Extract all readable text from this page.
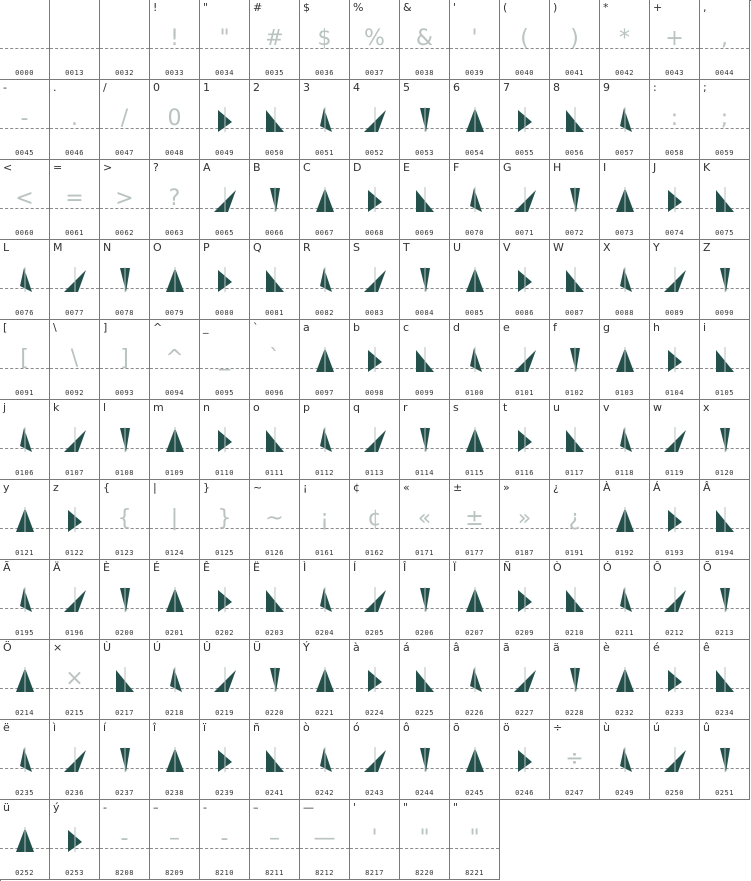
0000	0013	0032
!
!
0033
"
"
0034
#
#
0035
$
$
0036
%
%
0037
&
&
0038
'
'
0039
(
(
0040
)
)
0041
*
*
0042
+
+
0043
,
,
0044
-
-
0045
.
.
0046
/
/
0047
0
0
0048
1
0049
2
0050
3
0051
4
0052
5
0053
6
0054
7
0055
8
0056
9
0057
:
:
0058
;
;
0059
<
<
0060
=
=
0061
>
>
0062
?
?
0063
A
0065
B
0066
C
0067
D
0068
E
0069
F
0070
G
0071
H
0072
I
0073
J
0074
K
0075
L
0076
M
0077
N
0078
O
0079
P
0080
Q
0081
R
0082
S
0083
T
0084
U
0085
V
0086
W
0087
X
0088
Y
0089
Z
0090
[
[
0091
\
\
0092
]
]
0093
^
^
0094
_
_
0095
`
`
0096
a
0097
b
0098
c
0099
d
0100
e
0101
f
0102
g
0103
h
0104
i
0105
j
0106
k
0107
l
0108
m
0109
n
0110
o
0111
p
0112
q
0113
r
0114
s
0115
t
0116
u
0117
v
0118
w
0119
x
0120
y
0121
z
0122
{
{
0123
|
|
0124
}
}
0125
~
~
0126
¡
¡
0161
¢
¢
0162
«
«
0171
±
±
0177
»
»
0187
¿
¿
0191
À
0192
Á
0193
Â
0194
Ã
0195
Ä
0196
È
0200
É
0201
Ê
0202
Ë
0203
Ì
0204
Í
0205
Î
0206
Ï
0207
Ñ
0209
Ò
0210
Ó
0211
Ô
0212
Õ
0213
Ö
0214
×
×
0215
Ù
0217
Ú
0218
Û
0219
Ü
0220
Ý
0221
à
0224
á
0225
â
0226
ã
0227
ä
0228
è
0232
é
0233
ê
0234
ë
0235
ì
0236
í
0237
î
0238
ï
0239
ñ
0241
ò
0242
ó
0243
ô
0244
õ
0245
ö
0246
÷
÷
0247
ù
0249
ú
0250
û
0251
ü
0252
ý
0253
‐
‐
8208
–
–
8209
-
-
8210
–
–
8211
—
—
8212
'
'
8217
"
"
8220
"
"
8221
